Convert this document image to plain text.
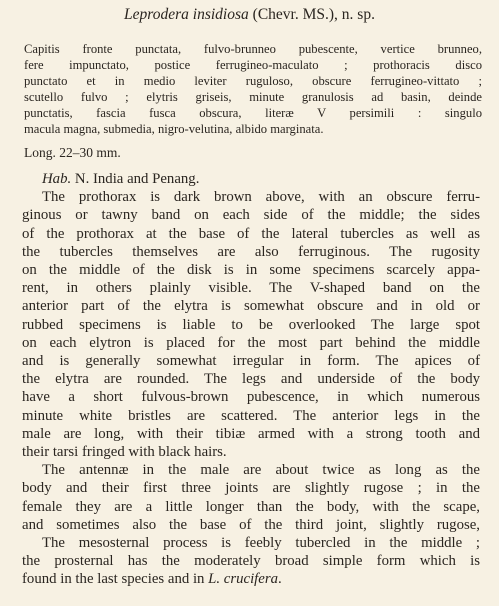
Leprodera insidiosa (Chevr. MS.), n. sp.
Capitis fronte punctata, fulvo-brunneo pubescente, vertice brunneo,
fere impunctato, postice ferrugineo-maculato ; prothoracis disco
punctato et in medio leviter ruguloso, obscure ferrugineo-vittato ;
scutello fulvo ; elytris griseis, minute granulosis ad basin, deinde
punctatis, fascia fusca obscura, literæ V persimili : singulo
macula magna, submedia, nigro-velutina, albido marginata.
Long. 22–30 mm.
Hab. N. India and Penang.
The prothorax is dark brown above, with an obscure ferru-
ginous or tawny band on each side of the middle; the sides
of the prothorax at the base of the lateral tubercles as well as
the tubercles themselves are also ferruginous. The rugosity
on the middle of the disk is in some specimens scarcely appa-
rent, in others plainly visible. The V-shaped band on the
anterior part of the elytra is somewhat obscure and in old or
rubbed specimens is liable to be overlooked The large spot
on each elytron is placed for the most part behind the middle
and is generally somewhat irregular in form. The apices of
the elytra are rounded. The legs and underside of the body
have a short fulvous-brown pubescence, in which numerous
minute white bristles are scattered. The anterior legs in the
male are long, with their tibiæ armed with a strong tooth and
their tarsi fringed with black hairs.
The antennæ in the male are about twice as long as the
body and their first three joints are slightly rugose ; in the
female they are a little longer than the body, with the scape,
and sometimes also the base of the third joint, slightly rugose,
The mesosternal process is feebly tubercled in the middle ;
the prosternal has the moderately broad simple form which is
found in the last species and in L. crucifera.
